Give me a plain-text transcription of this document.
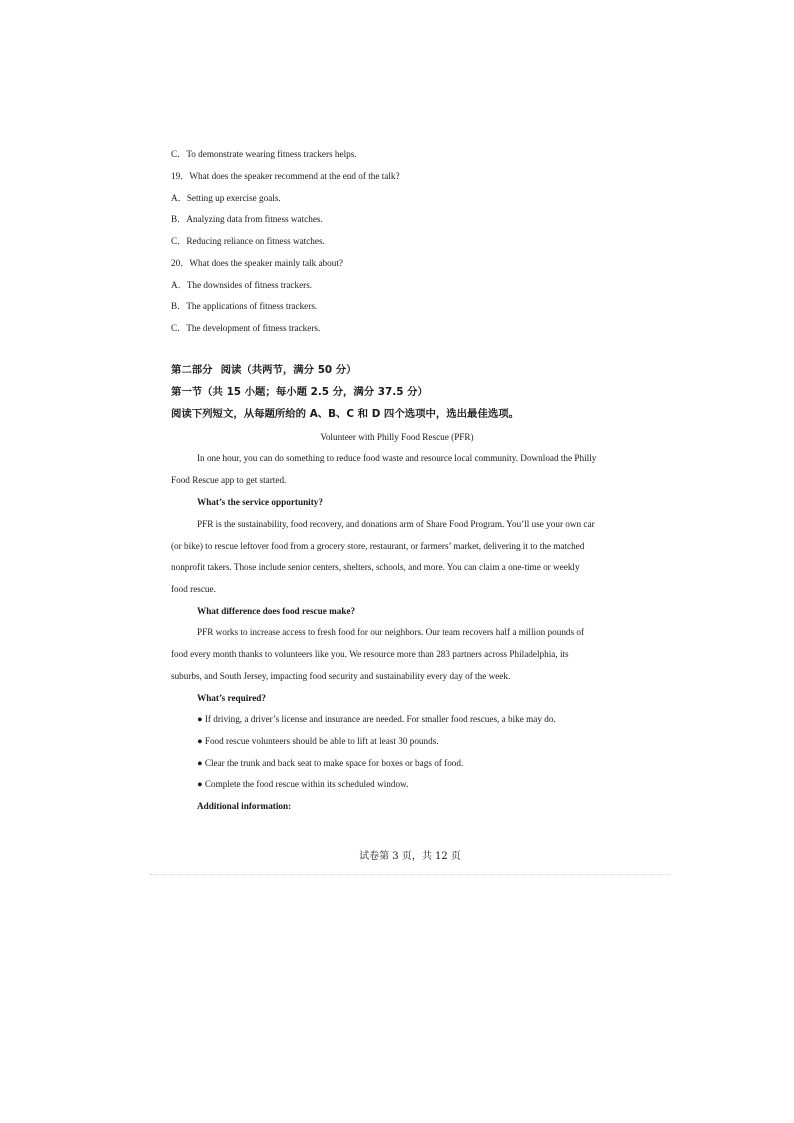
C．To demonstrate wearing fitness trackers helps.
19．What does the speaker recommend at the end of the talk?
A．Setting up exercise goals.
B．Analyzing data from fitness watches.
C．Reducing reliance on fitness watches.
20．What does the speaker mainly talk about?
A．The downsides of fitness trackers.
B．The applications of fitness trackers.
C．The development of fitness trackers.
第二部分 阅读（共两节，满分 50 分）
第一节（共 15 小题；每小题 2.5 分，满分 37.5 分）
阅读下列短文，从每题所给的 A、B、C 和 D 四个选项中，选出最佳选项。
Volunteer with Philly Food Rescue (PFR)
In one hour, you can do something to reduce food waste and resource local community. Download the Philly
Food Rescue app to get started.
What’s the service opportunity?
PFR is the sustainability, food recovery, and donations arm of Share Food Program. You’ll use your own car
(or bike) to rescue leftover food from a grocery store, restaurant, or farmers’ market, delivering it to the matched
nonprofit takers. Those include senior centers, shelters, schools, and more. You can claim a one-time or weekly
food rescue.
What difference does food rescue make?
PFR works to increase access to fresh food for our neighbors. Our team recovers half a million pounds of
food every month thanks to volunteers like you. We resource more than 283 partners across Philadelphia, its
suburbs, and South Jersey, impacting food security and sustainability every day of the week.
What’s required?
● If driving, a driver’s license and insurance are needed. For smaller food rescues, a bike may do.
● Food rescue volunteers should be able to lift at least 30 pounds.
● Clear the trunk and back seat to make space for boxes or bags of food.
● Complete the food rescue within its scheduled window.
Additional information:
试卷第 3 页，共 12 页
